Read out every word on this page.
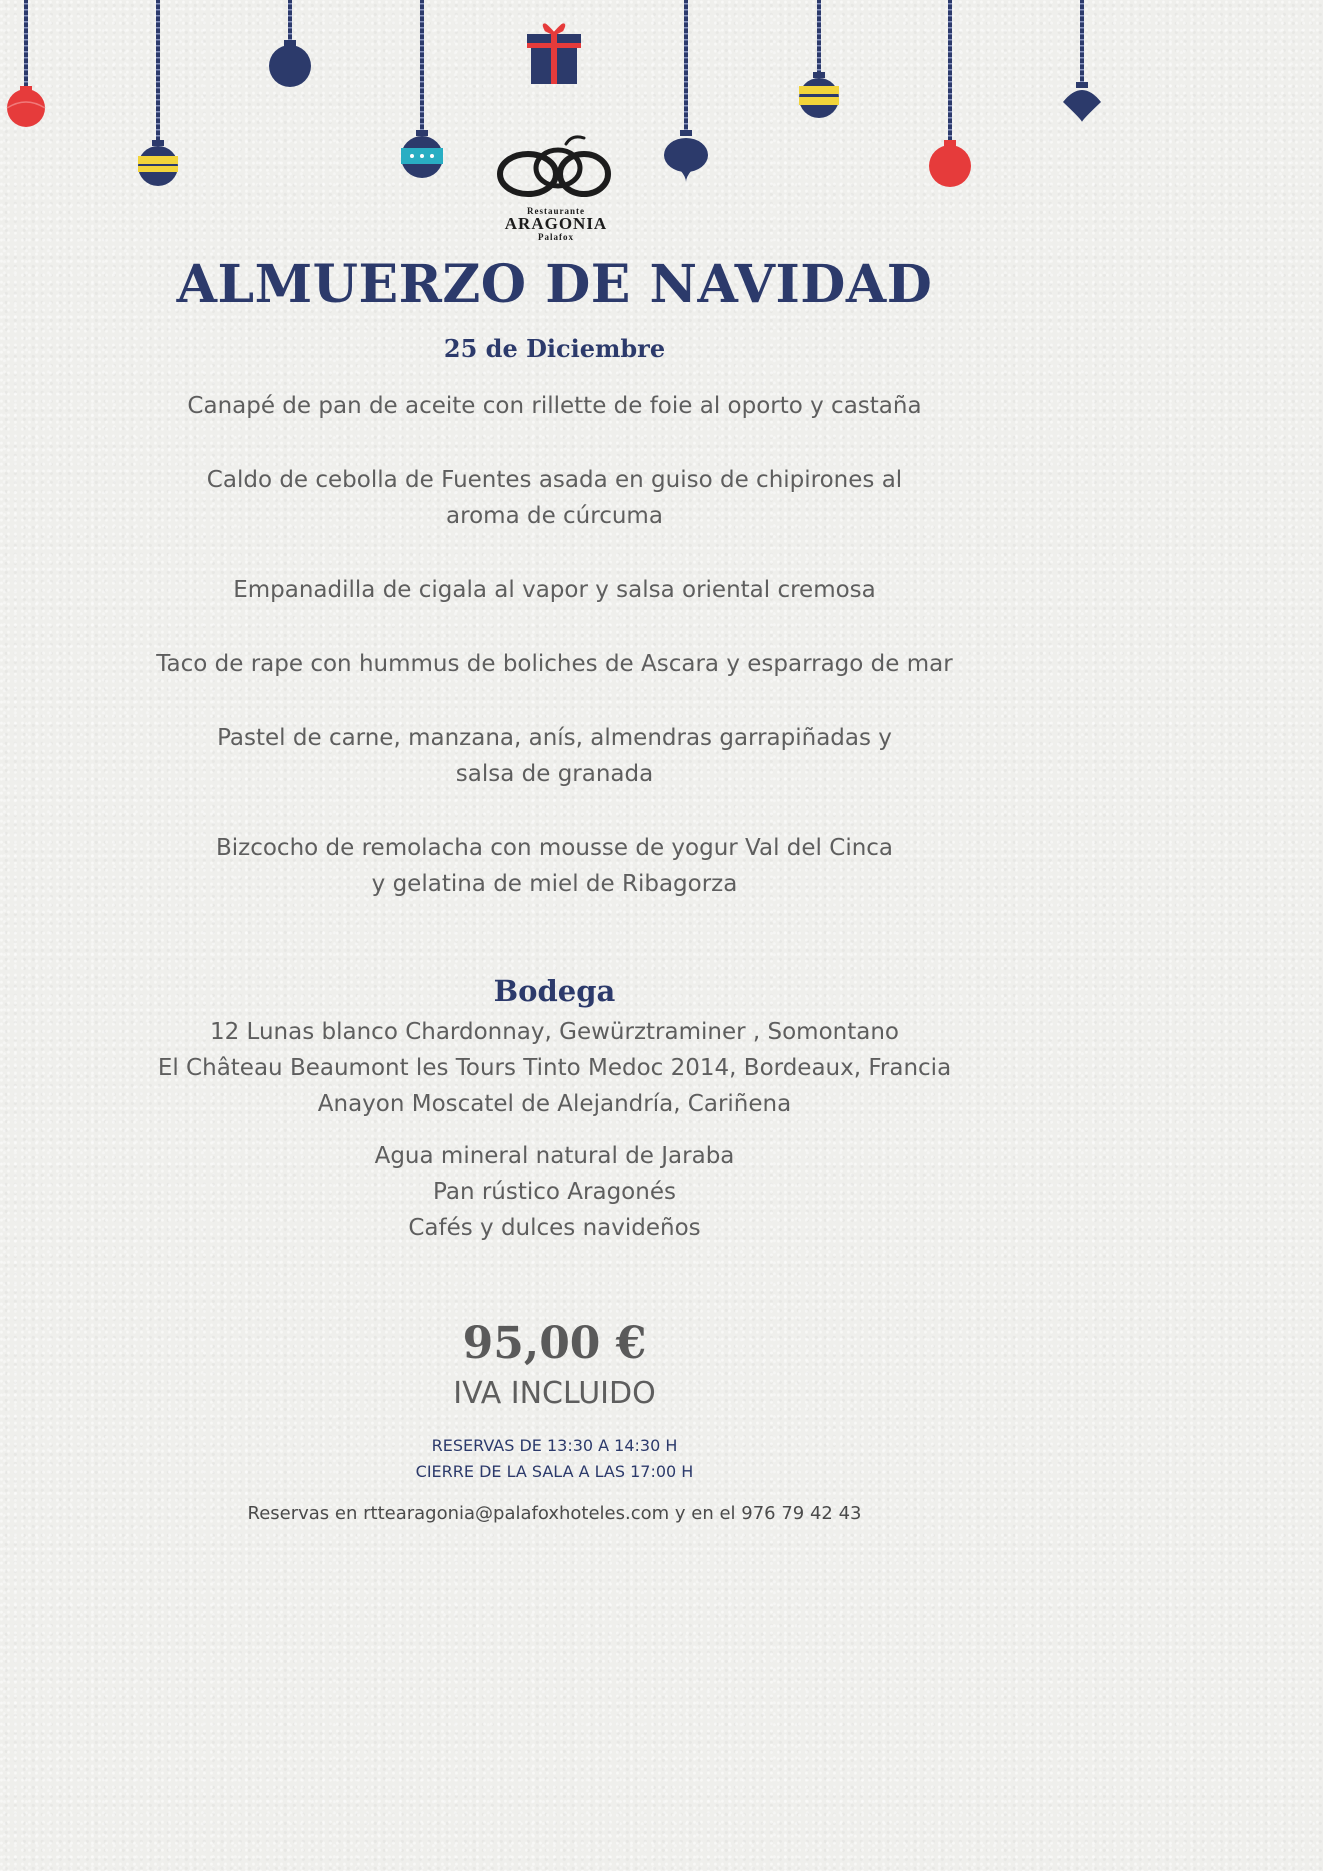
Restaurante
ARAGONIA
Palafox
ALMUERZO DE NAVIDAD
25 de Diciembre
Canapé de pan de aceite con rillette de foie al oporto y castaña
Caldo de cebolla de Fuentes asada en guiso de chipirones al
aroma de cúrcuma
Empanadilla de cigala al vapor y salsa oriental cremosa
Taco de rape con hummus de boliches de Ascara y esparrago de mar
Pastel de carne, manzana, anís, almendras garrapiñadas y
salsa de granada
Bizcocho de remolacha con mousse de yogur Val del Cinca
y gelatina de miel de Ribagorza
Bodega
12 Lunas blanco Chardonnay, Gewürztraminer , Somontano
El Château Beaumont les Tours Tinto Medoc 2014, Bordeaux, Francia
Anayon Moscatel de Alejandría, Cariñena
Agua mineral natural de Jaraba
Pan rústico Aragonés
Cafés y dulces navideños
95,00 €
IVA INCLUIDO
RESERVAS DE 13:30 A 14:30 H
CIERRE DE LA SALA A LAS 17:00 H
Reservas en rttearagonia@palafoxhoteles.com y en el 976 79 42 43
